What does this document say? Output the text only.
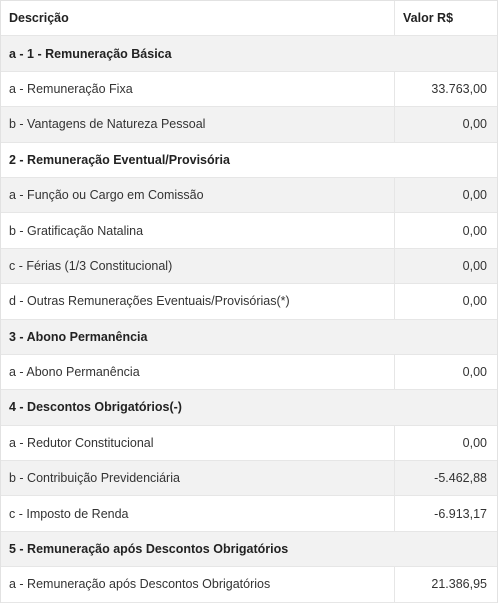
Descrição	Valor R$
a - 1 - Remuneração Básica
a - Remuneração Fixa	33.763,00
b - Vantagens de Natureza Pessoal	0,00
2 - Remuneração Eventual/Provisória
a - Função ou Cargo em Comissão	0,00
b - Gratificação Natalina	0,00
c - Férias (1/3 Constitucional)	0,00
d - Outras Remunerações Eventuais/Provisórias(*)	0,00
3 - Abono Permanência
a - Abono Permanência	0,00
4 - Descontos Obrigatórios(-)
a - Redutor Constitucional	0,00
b - Contribuição Previdenciária	-5.462,88
c - Imposto de Renda	-6.913,17
5 - Remuneração após Descontos Obrigatórios
a - Remuneração após Descontos Obrigatórios	21.386,95
